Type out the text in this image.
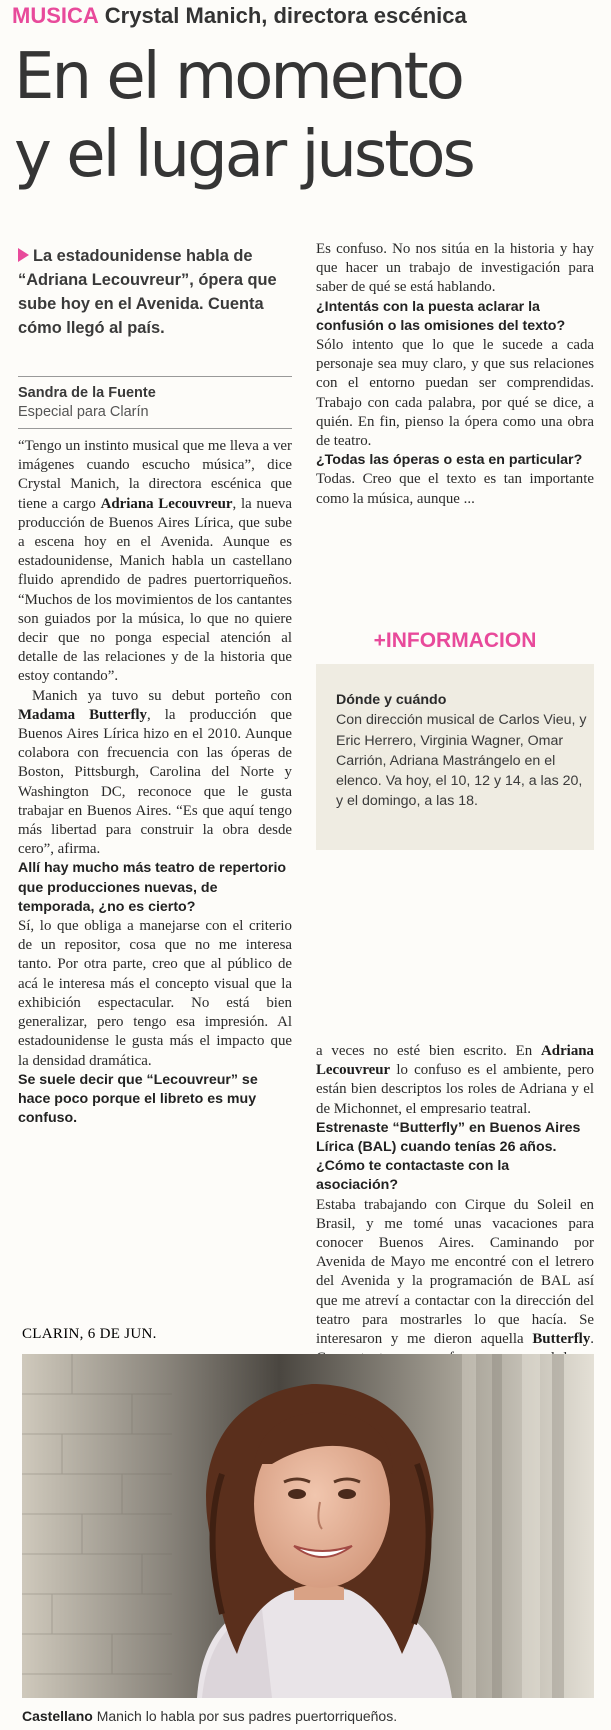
MUSICA Crystal Manich, directora escénica
En el momento
y el lugar justos
La estadounidense habla de “Adriana Lecouvreur”, ópera que sube hoy en el Avenida. Cuenta cómo llegó al país.
Sandra de la Fuente
Especial para Clarín

“Tengo un instinto musical que me lleva a ver imágenes cuando escucho música”, dice Crystal Manich, la directora escénica que tiene a cargo Adriana Lecouvreur, la nueva producción de Buenos Aires Lírica, que sube a escena hoy en el Avenida. Aunque es estadounidense, Manich habla un castellano fluido aprendido de padres puertorriqueños. “Muchos de los movimientos de los cantantes son guiados por la música, lo que no quiere decir que no ponga especial atención al detalle de las relaciones y de la historia que estoy contando”.

Manich ya tuvo su debut porteño con Madama Butterfly, la producción que Buenos Aires Lírica hizo en el 2010. Aunque colabora con frecuencia con las óperas de Boston, Pittsburgh, Carolina del Norte y Washington DC, reconoce que le gusta trabajar en Buenos Aires. “Es que aquí tengo más libertad para construir la obra desde cero”, afirma.

Allí hay mucho más teatro de repertorio que producciones nuevas, de temporada, ¿no es cierto?

Sí, lo que obliga a manejarse con el criterio de un repositor, cosa que no me interesa tanto. Por otra parte, creo que al público de acá le interesa más el concepto visual que la exhibición espectacular. No está bien generalizar, pero tengo esa impresión. Al estadounidense le gusta más el impacto que la densidad dramática.

Se suele decir que “Lecouvreur” se hace poco porque el libreto es muy confuso.

Es confuso. No nos sitúa en la historia y hay que hacer un trabajo de investigación para saber de qué se está hablando.

¿Intentás con la puesta aclarar la confusión o las omisiones del texto?

Sólo intento que lo que le sucede a cada personaje sea muy claro, y que sus relaciones con el entorno puedan ser comprendidas. Trabajo con cada palabra, por qué se dice, a quién. En fin, pienso la ópera como una obra de teatro.

¿Todas las óperas o esta en particular?

Todas. Creo que el texto es tan importante como la música, aunque ...

+INFORMACION
Dónde y cuándo
Con dirección musical de Carlos Vieu, y Eric Herrero, Virginia Wagner, Omar Carrión, Adriana Mastrángelo en el elenco. Va hoy, el 10, 12 y 14, a las 20, y el domingo, a las 18.

a veces no esté bien escrito. En Adriana Lecouvreur lo confuso es el ambiente, pero están bien descriptos los roles de Adriana y el de Michonnet, el empresario teatral.

Estrenaste “Butterfly” en Buenos Aires Lírica (BAL) cuando tenías 26 años. ¿Cómo te contactaste con la asociación?

Estaba trabajando con Cirque du Soleil en Brasil, y me tomé unas vacaciones para conocer Buenos Aires. Caminando por Avenida de Mayo me encontré con el letrero del Avenida y la programación de BAL así que me atreví a contactar con la dirección del teatro para mostrarles lo que hacía. Se interesaron y me dieron aquella Butterfly.

CLARIN, 6 DE JUN.
Castellano Manich lo habla por sus padres puertorriqueños.
